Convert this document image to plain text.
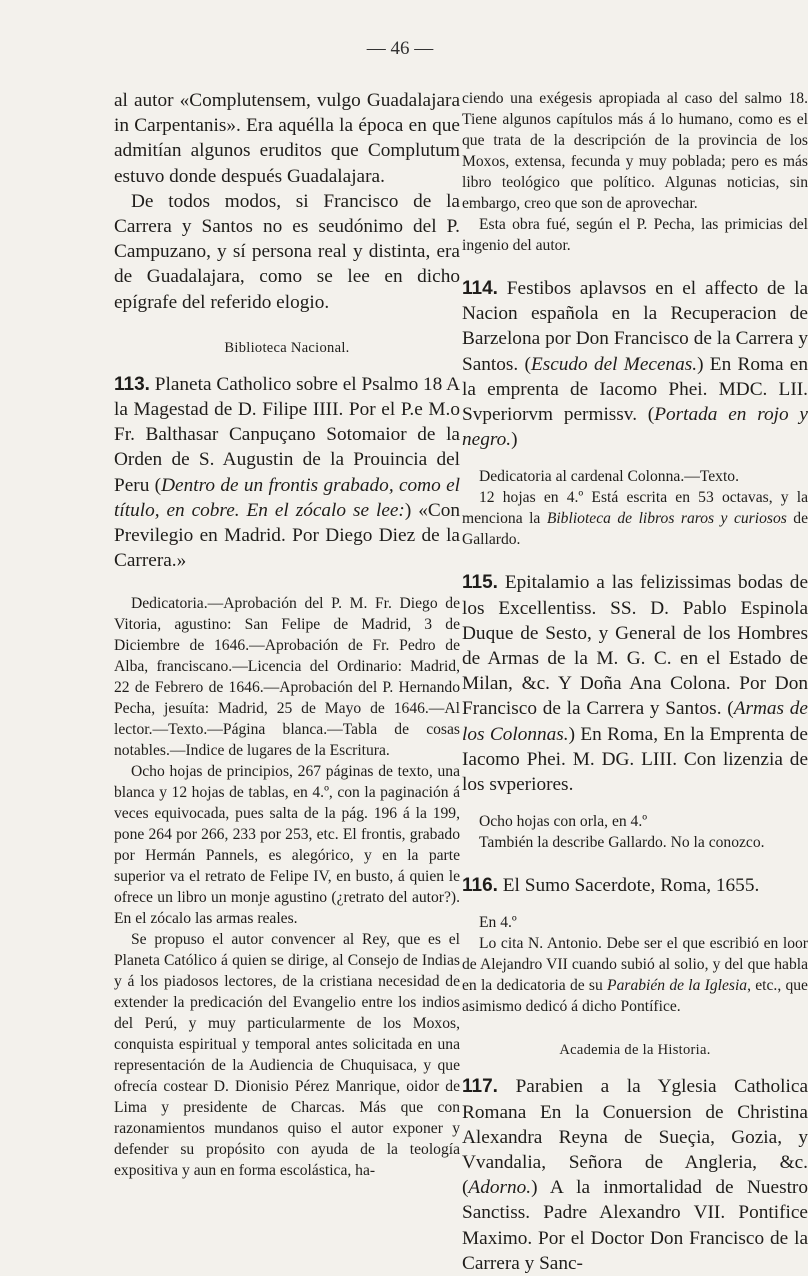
— 46 —

al autor «Complutensem, vulgo Guadalajara in Carpentanis». Era aquélla la época en que admitían algunos eruditos que Complutum estuvo donde después Guadalajara.

De todos modos, si Francisco de la Carrera y Santos no es seudónimo del P. Campuzano, y sí persona real y distinta, era de Guadalajara, como se lee en dicho epígrafe del referido elogio.

Biblioteca Nacional.

113. Planeta Catholico sobre el Psalmo 18 A la Magestad de D. Filipe IIII. Por el P.e M.o Fr. Balthasar Canpuçano Sotomaior de la Orden de S. Augustin de la Prouincia del Peru (Dentro de un frontis grabado, como el título, en cobre. En el zócalo se lee:) «Con Previlegio en Madrid. Por Diego Diez de la Carrera.»

Dedicatoria.—Aprobación del P. M. Fr. Diego de Vitoria, agustino: San Felipe de Madrid, 3 de Diciembre de 1646.—Aprobación de Fr. Pedro de Alba, franciscano.—Licencia del Ordinario: Madrid, 22 de Febrero de 1646.—Aprobación del P. Hernando Pecha, jesuíta: Madrid, 25 de Mayo de 1646.—Al lector.—Texto.—Página blanca.—Tabla de cosas notables.—Indice de lugares de la Escritura.

Ocho hojas de principios, 267 páginas de texto, una blanca y 12 hojas de tablas, en 4.º, con la paginación á veces equivocada, pues salta de la pág. 196 á la 199, pone 264 por 266, 233 por 253, etc. El frontis, grabado por Hermán Pannels, es alegórico, y en la parte superior va el retrato de Felipe IV, en busto, á quien le ofrece un libro un monje agustino (¿retrato del autor?). En el zócalo las armas reales.

Se propuso el autor convencer al Rey, que es el Planeta Católico á quien se dirige, al Consejo de Indias y á los piadosos lectores, de la cristiana necesidad de extender la predicación del Evangelio entre los indios del Perú, y muy particularmente de los Moxos, conquista espiritual y temporal antes solicitada en una representación de la Audiencia de Chuquisaca, y que ofrecía costear D. Dionisio Pérez Manrique, oidor de Lima y presidente de Charcas. Más que con razonamientos mundanos quiso el autor exponer y defender su propósito con ayuda de la teología expositiva y aun en forma escolástica, ha-

ciendo una exégesis apropiada al caso del salmo 18. Tiene algunos capítulos más á lo humano, como es el que trata de la descripción de la provincia de los Moxos, extensa, fecunda y muy poblada; pero es más libro teológico que político. Algunas noticias, sin embargo, creo que son de aprovechar.

Esta obra fué, según el P. Pecha, las primicias del ingenio del autor.

114. Festibos aplavsos en el affecto de la Nacion española en la Recuperacion de Barzelona por Don Francisco de la Carrera y Santos. (Escudo del Mecenas.) En Roma en la emprenta de Iacomo Phei. MDC. LII. Svperiorvm permissv. (Portada en rojo y negro.)

Dedicatoria al cardenal Colonna.—Texto.

12 hojas en 4.º Está escrita en 53 octavas, y la menciona la Biblioteca de libros raros y curiosos de Gallardo.

115. Epitalamio a las felizissimas bodas de los Excellentiss. SS. D. Pablo Espinola Duque de Sesto, y General de los Hombres de Armas de la M. G. C. en el Estado de Milan, &c. Y Doña Ana Colona. Por Don Francisco de la Carrera y Santos. (Armas de los Colonnas.) En Roma, En la Emprenta de Iacomo Phei. M. DG. LIII. Con lizenzia de los svperiores.

Ocho hojas con orla, en 4.º

También la describe Gallardo. No la conozco.

116. El Sumo Sacerdote, Roma, 1655.

En 4.º

Lo cita N. Antonio. Debe ser el que escribió en loor de Alejandro VII cuando subió al solio, y del que habla en la dedicatoria de su Parabién de la Iglesia, etc., que asimismo dedicó á dicho Pontífice.

Academia de la Historia.

117. Parabien a la Yglesia Catholica Romana En la Conuersion de Christina Alexandra Reyna de Sueçia, Gozia, y Vvandalia, Señora de Angleria, &c. (Adorno.) A la inmortalidad de Nuestro Sanctiss. Padre Alexandro VII. Pontifice Maximo. Por el Doctor Don Francisco de la Carrera y Sanc-
